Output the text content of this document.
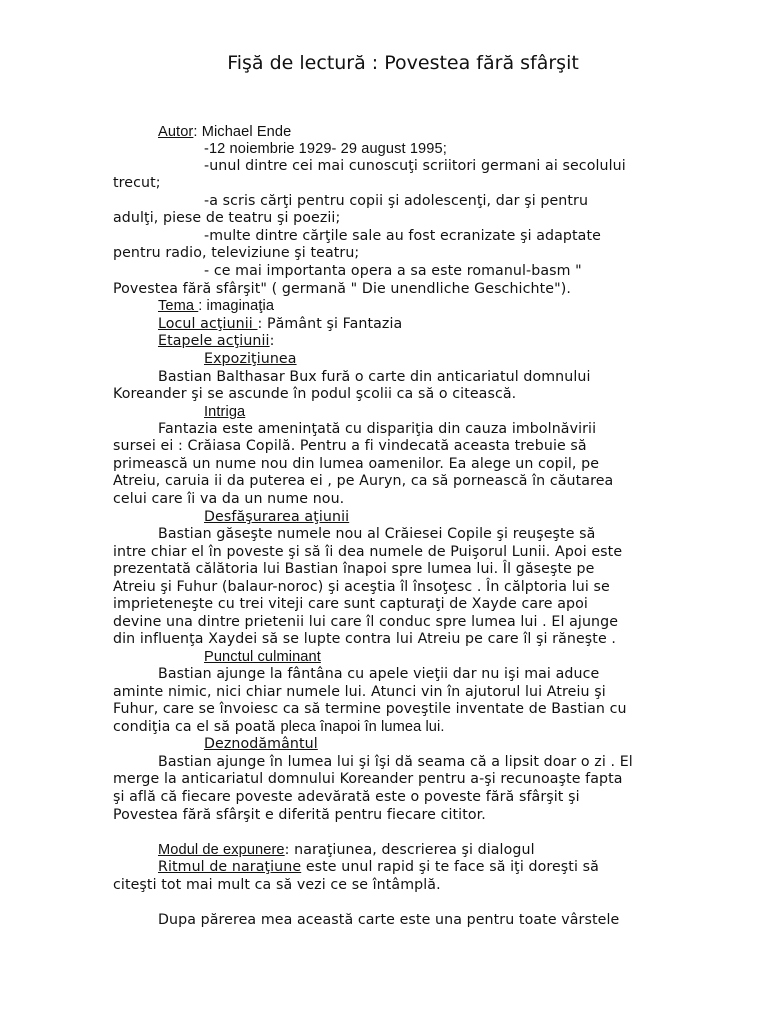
Fişă de lectură : Povestea fără sfârşit
Autor: Michael Ende
-12 noiembrie 1929- 29 august 1995;
-unul dintre cei mai cunoscuţi scriitori germani ai secolului
trecut;
-a scris cărţi pentru copii şi adolescenţi, dar şi pentru
adulţi, piese de teatru şi poezii;
-multe dintre cărţile sale au fost ecranizate şi adaptate
pentru radio, televiziune şi teatru;
- ce mai importanta opera a sa este romanul-basm "
Povestea fără sfârşit" ( germană " Die unendliche Geschichte").
Tema : imaginaţia
Locul acţiunii : Pământ şi Fantazia
Etapele acţiunii:
Expoziţiunea
Bastian Balthasar Bux fură o carte din anticariatul domnului
Koreander şi se ascunde în podul şcolii ca să o citească.
Intriga
Fantazia este ameninţată cu dispariţia din cauza imbolnăvirii
sursei ei : Crăiasa Copilă. Pentru a fi vindecată aceasta trebuie să
primească un nume nou din lumea oamenilor. Ea alege un copil, pe
Atreiu, caruia ii da puterea ei , pe Auryn, ca să pornească în căutarea
celui care îi va da un nume nou.
Desfăşurarea aţiunii
Bastian găseşte numele nou al Crăiesei Copile şi reuşeşte să
intre chiar el în poveste şi să îi dea numele de Puişorul Lunii. Apoi este
prezentată călătoria lui Bastian înapoi spre lumea lui. Îl găseşte pe
Atreiu şi Fuhur (balaur-noroc) şi aceştia îl însoţesc . În călptoria lui se
imprieteneşte cu trei viteji care sunt capturaţi de Xayde care apoi
devine una dintre prietenii lui care îl conduc spre lumea lui . El ajunge
din influenţa Xaydei să se lupte contra lui Atreiu pe care îl şi răneşte .
Punctul culminant
Bastian ajunge la fântâna cu apele vieţii dar nu işi mai aduce
aminte nimic, nici chiar numele lui. Atunci vin în ajutorul lui Atreiu şi
Fuhur, care se învoiesc ca să termine poveştile inventate de Bastian cu
condiţia ca el să poată pleca înapoi în lumea lui.
Deznodământul
Bastian ajunge în lumea lui şi îşi dă seama că a lipsit doar o zi . El
merge la anticariatul domnului Koreander pentru a-şi recunoaşte fapta
şi află că fiecare poveste adevărată este o poveste fără sfârşit şi
Povestea fără sfârşit e diferită pentru fiecare cititor.
Modul de expunere: naraţiunea, descrierea şi dialogul
Ritmul de naraţiune este unul rapid şi te face să iţi doreşti să
citeşti tot mai mult ca să vezi ce se întâmplă.
Dupa părerea mea această carte este una pentru toate vârstele
